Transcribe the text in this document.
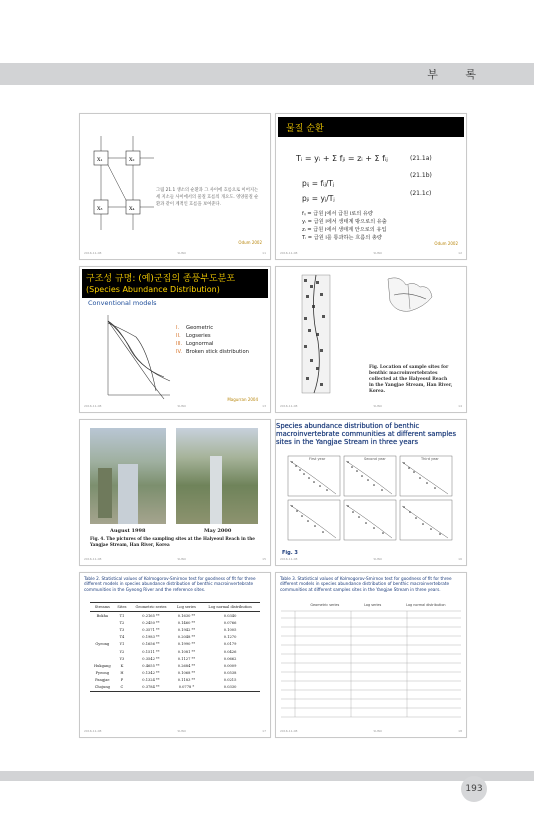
부 록
X₁	X₂
X₃	X₄
그림 21.1 생소의 순환과 그 사이에 흐름으로 이어지는 세 지소들 사이에서의 물질 흐름의 개요도. 영양물질 순환과 같이 계적인 흐름을 보여준다.
Odum 2002
2016-11-08	SUNU	11
물질 순환
Tᵢ = yᵢ + Σ fⱼᵢ = zᵢ + Σ fᵢⱼ	(21.1a)
pᵢⱼ = fᵢⱼ/Tⱼ
(21.1b)
pⱼᵢ = yⱼ/Tⱼ
(21.1c)
fᵢⱼ = 급원 j에서 급원 i로의 유량
yᵢ = 급원 i에서 생태계 밖으로의 유출
zᵢ = 급원 i에서 생태계 안으로의 유입
Tᵢ = 급원 i를 통과하는 흐름의 총량
Odum 2002
2016-11-08	SUNU	12
구조성 규명: (예)군집의 종풍부도분포
(Species Abundance Distribution)
Conventional models
I. Geometric
II. Logseries
III. Lognormal
IV. Broken stick distribution
Magurran 2004
2016-11-08	SUNU	13
Fig. Location of sample sites for benthic macroinvertebrates collected at the Halyeoul Reach in the Yangjae Stream, Han River, Korea.
2016-11-08	SUNU	14
August 1998	May 2000
Fig. 4. The pictures of the sampling sites at the Halyeoul Reach in the Yangjae Stream, Han River, Korea
2016-11-08	SUNU	15
Species abundance distribution of benthic macroinvertebrate communities at different samples sites in the Yangjae Stream in three years
First year	Second year	Third year
Fig. 3
2016-11-08	SUNU	16
Table 2. Statistical values of Kolmogorov-Smirnov test for goodness of fit for three different models in species abundance distribution of benthic macroinvertebrate communities in the Gyeong River and the reference sites.
Streams	Sites	Geometric series	Log series	Log normal distribution
Bokha	T1	0.2165 **	0.1630 **	0.0340
	T2	0.2450 **	0.1460 **	0.0766
	T3	0.3571 **	0.1942 **	0.1005
	T4	0.1983 **	0.2048 **	0.1270
Gyeong	Y1	0.1656 **	0.1990 **	0.0179
	Y2	0.1511 **	0.1081 **	0.0426
	Y3	0.3542 **	0.1127 **	0.0662
Hukgang	K	0.4655 **	0.2684 **	0.0009
Pyeong	H	0.1342 **	0.1068 **	0.0538
Pangjae	P	0.1324 **	0.1183 **	0.0215
Chojung	C	0.3784 **	0.0778 *	0.0330
2016-11-08	SUNU	17
Table 3. Statistical values of Kolmogorov-Smirnov test for goodness of fit for three different models in species abundance distribution of benthic macroinvertebrate communities at different samples sites in the Yangjae Stream in three years.
Geometric series	Log series	Log normal distribution
2016-11-08	SUNU	18
193
